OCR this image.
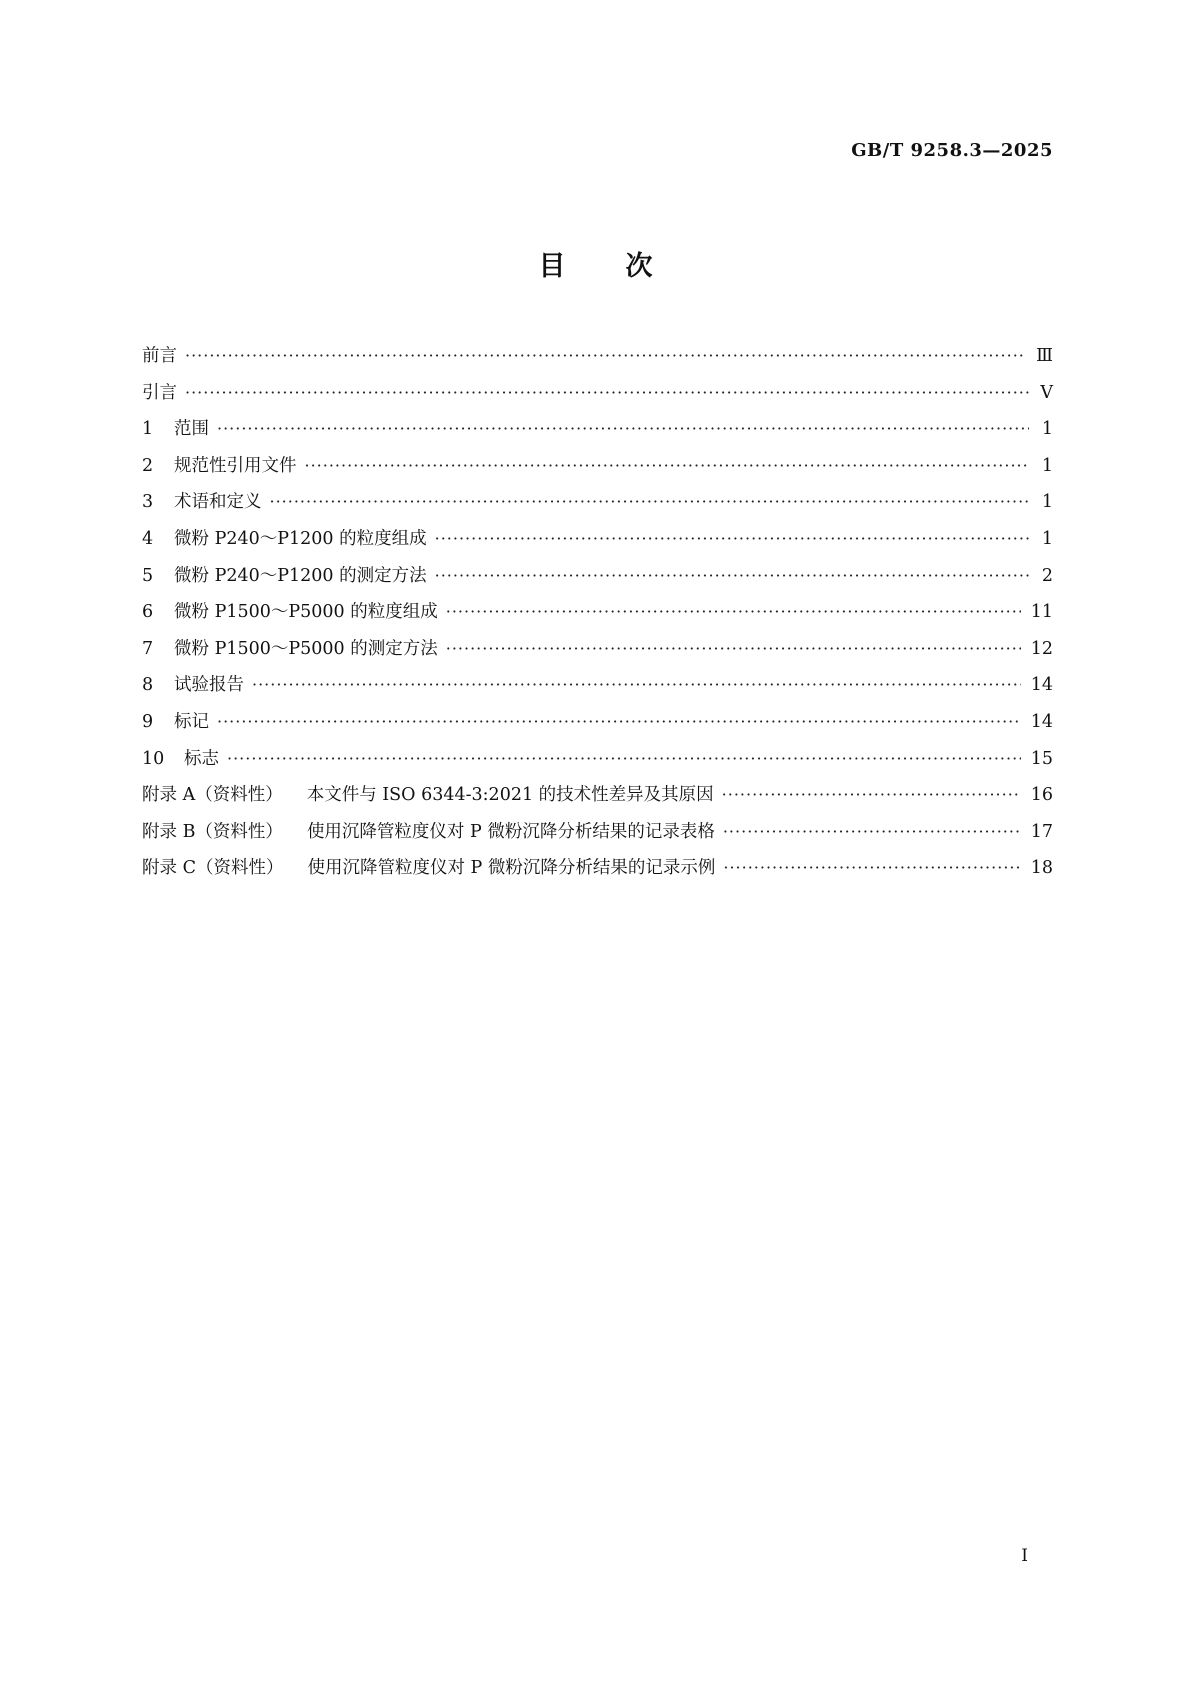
GB/T 9258.3—2025
目次
前言 ·····	Ⅲ
引言 ·····	Ⅴ
1	范围 ·····	1
2	规范性引用文件 ·····	1
3	术语和定义 ·····	1
4	微粉 P240～P1200 的粒度组成 ·····	1
5	微粉 P240～P1200 的测定方法 ·····	2
6	微粉 P1500～P5000 的粒度组成 ·····	11
7	微粉 P1500～P5000 的测定方法 ·····	12
8	试验报告 ·····	14
9	标记 ·····	14
10	标志 ·····	15
附录 A（资料性） 本文件与 ISO 6344-3:2021 的技术性差异及其原因 ·····	16
附录 B（资料性） 使用沉降管粒度仪对 P 微粉沉降分析结果的记录表格 ·····	17
附录 C（资料性） 使用沉降管粒度仪对 P 微粉沉降分析结果的记录示例 ·····	18
I
